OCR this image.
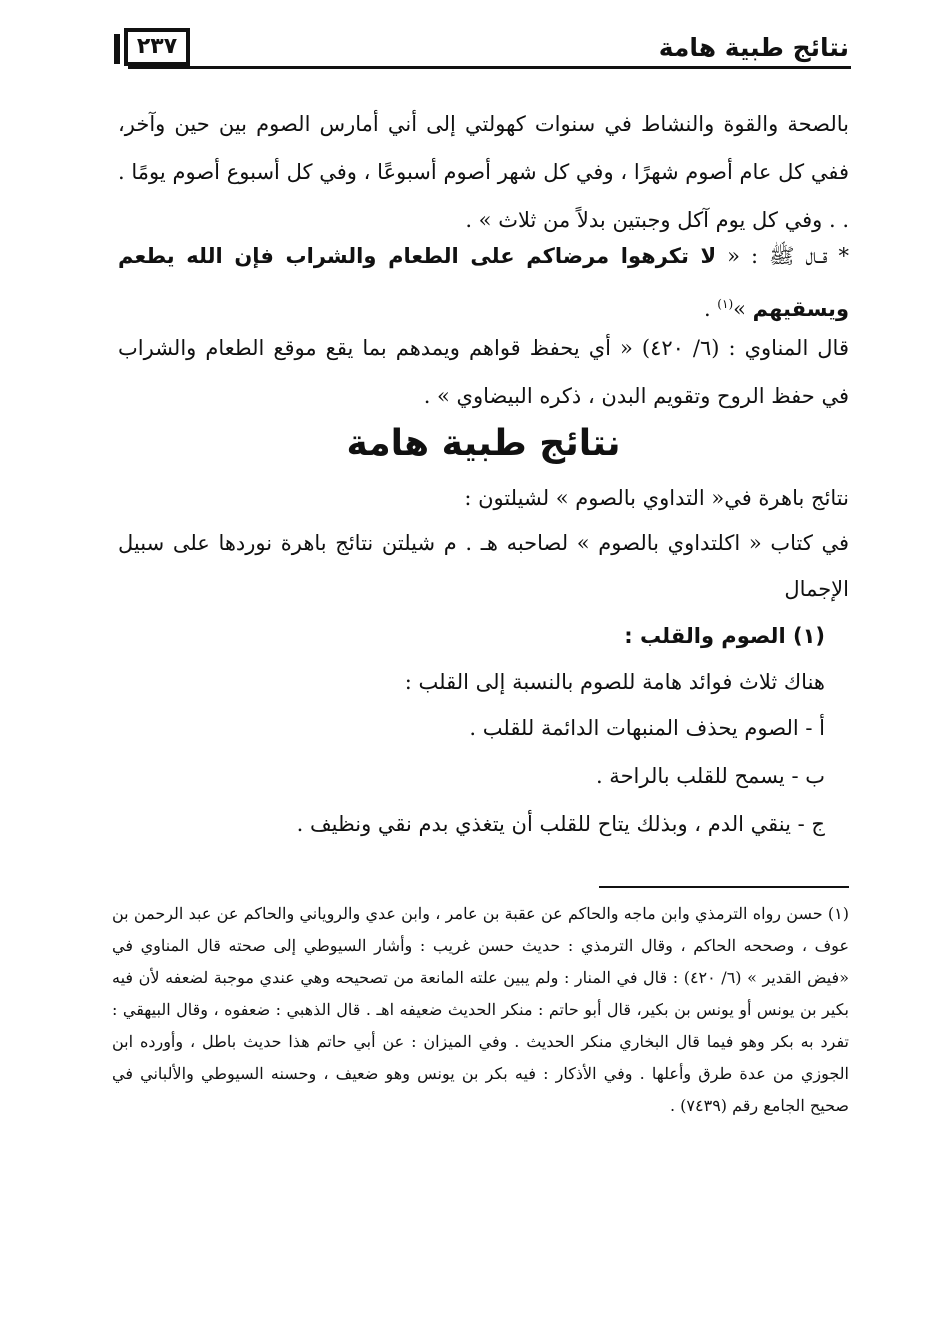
نتائج طبية هامة
٢٣٧
بالصحة والقوة والنشاط في سنوات كهولتي إلى أني أمارس الصوم بين حين وآخر، ففي كل عام أصوم شهرًا ، وفي كل شهر أصوم أسبوعًا ، وفي كل أسبوع أصوم يومًا . . . وفي كل يوم آكل وجبتين بدلاً من ثلاث » .
* قــال ﷺ : « لا تكرهوا مرضاكم على الطعام والشراب فإن الله يطعم ويسقيهم »$^{(١)}$ .
قال المناوي : (٦/ ٤٢٠) « أي يحفظ قواهم ويمدهم بما يقع موقع الطعام والشراب في حفظ الروح وتقويم البدن ، ذكره البيضاوي » .
نتائج طبية هامة
نتائج باهرة في« التداوي بالصوم » لشيلتون :
في كتاب « اكلتداوي بالصوم » لصاحبه هـ . م شيلتن نتائج باهرة نوردها على سبيل الإجمال
(١) الصوم والقلب :
هناك ثلاث فوائد هامة للصوم بالنسبة إلى القلب :
أ - الصوم يحذف المنبهات الدائمة للقلب .
ب - يسمح للقلب بالراحة .
ج - ينقي الدم ، وبذلك يتاح للقلب أن يتغذي بدم نقي ونظيف .
(١) حسن رواه الترمذي وابن ماجه والحاكم عن عقبة بن عامر ، وابن عدي والروياني والحاكم عن عبد الرحمن بن عوف ، وصححه الحاكم ، وقال الترمذي : حديث حسن غريب : وأشار السيوطي إلى صحته قال المناوي في «فيض القدير » (٦/ ٤٢٠) : قال في المنار : ولم يبين علته المانعة من تصحيحه وهي عندي موجبة لضعفه لأن فيه بكير بن يونس أو يونس بن بكير، قال أبو حاتم : منكر الحديث ضعيفه اهـ . قال الذهبي : ضعفوه ، وقال البيهقي : تفرد به بكر وهو فيما قال البخاري منكر الحديث . وفي الميزان : عن أبي حاتم هذا حديث باطل ، وأورده ابن الجوزي من عدة طرق وأعلها . وفي الأذكار : فيه بكر بن يونس وهو ضعيف ، وحسنه السيوطي والألباني في صحيح الجامع رقم (٧٤٣٩) .
